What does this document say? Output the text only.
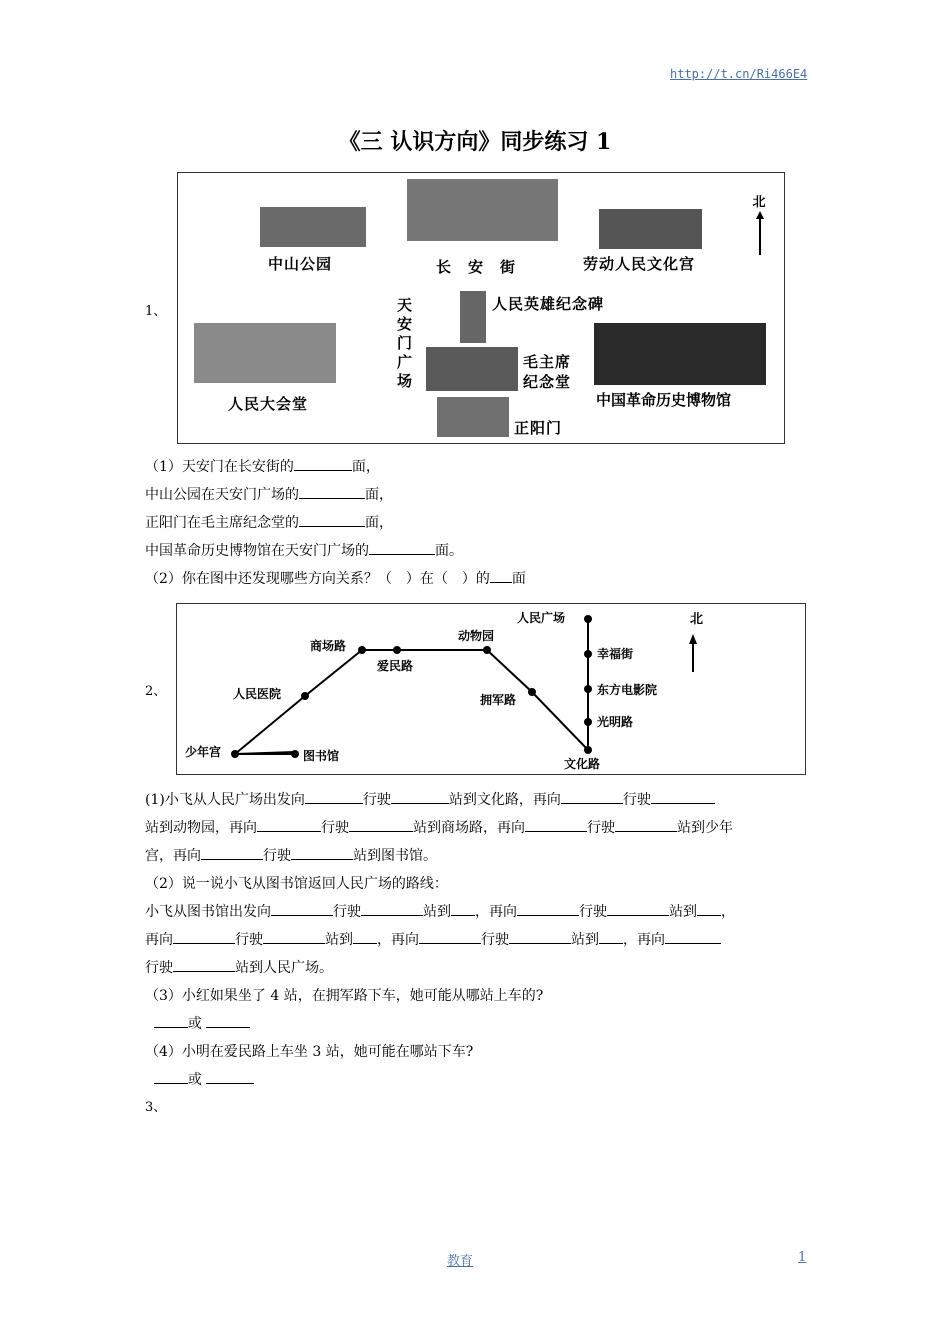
http://t.cn/Ri466E4
《三 认识方向》同步练习 1
1、
中山公园	长　安　街	劳动人民文化宫
北
天
安
门
广
场
人民英雄纪念碑
人民大会堂
毛主席
纪念堂
中国革命历史博物馆
正阳门
（1）天安门在长安街的	面，
中山公园在天安门广场的	面，
正阳门在毛主席纪念堂的	面，
中国革命历史博物馆在天安门广场的	面。
（2）你在图中还发现哪些方向关系？（　）在（　）的 面
2、
人民广场
幸福街
东方电影院
光明路
文化路
拥军路
动物园
爱民路
商场路
人民医院
少年宫	图书馆
北
(1)小飞从人民广场出发向	行驶	站到文化路，再向	行驶
站到动物园，再向	行驶	站到商场路，再向	行驶	站到少年
宫，再向	行驶	站到图书馆。
（2）说一说小飞从图书馆返回人民广场的路线：
小飞从图书馆出发向	行驶	站到 ，再向	行驶	站到 ，
再向	行驶	站到 ，再向	行驶	站到 ，再向
行驶	站到人民广场。
（3）小红如果坐了 4 站，在拥军路下车，她可能从哪站上车的?
或
（4）小明在爱民路上车坐 3 站，她可能在哪站下车?
或
3、
教育	1
